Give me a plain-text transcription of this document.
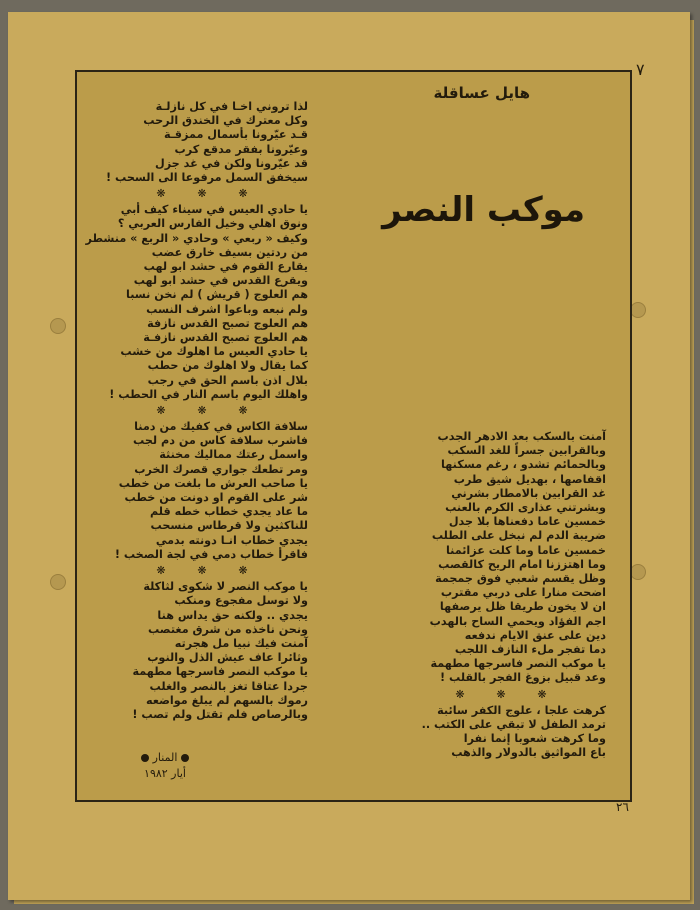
٧
هايل عساقلة
موكب النصر
لذا تروني اخـا في كل نازلـة
وكل معترك في الخندق الرحب
قـد عيّرونا بأسمال ممزقـة
وعيّرونا بفقر مدقع كرب
قد عيّرونا ولكن في غد جزل
سيخفق السمل مرفوعا الى السحب !
❋ ❋ ❋
يا حادي العيس في سيناء كيف أبي
ونوق اهلي وخيل الفارس العربي ؟
وكيف « ربعي » وحادي « الربع » منشطر
من ردتين بسيف خارق عضب
يقارع القوم في حشد ابو لهب
ويقرع القدس في حشد ابو لهب
هم العلوج ( قريش ) لم نخن نسبا
ولم نبعه وباعوا اشرف النسب
هم العلوج تصبح القدس نازفة
هم العلوج تصبح القدس نازفـة
يا حادي العيس ما اهلوك من خشب
كما يقال ولا اهلوك من حطب
بلال اذن باسم الحق في رجب
واهلك اليوم باسم النار في الحطب !
❋ ❋ ❋
سلافة الكاس في كفيك من دمنا
فاشرب سلافة كاس من دم لجب
واسمل رعتك مماليك مخنثة
ومر تطعك جواري قصرك الخرب
يا صاحب العرش ما بلغت من خطب
شر على القوم او دونت من خطب
ما عاد يجدي خطاب خطه قلم
للناكثين ولا قرطاس منسحب
يجدي خطاب انـا دونته بدمي
فاقرأ خطاب دمي في لجة الصخب !
❋ ❋ ❋
يا موكب النصر لا شكوى لثاكلة
ولا توسل مفجوع ومنكب
يجدي .. ولكنه حق يداس هنا
ونحن ناخذه من شرق مغتصب
آمنت فيك نبيا مل هجرته
وثائرا عاف عيش الذل والنوب
يا موكب النصر فاسرجها مطهمة
جردا عتاقا تغز بالنصر والغلب
رموك بالسهم لم يبلغ مواضعه
وبالرصاص فلم تقتل ولم تصب !
آمنت بالسكب بعد الادهر الجدب
وبالقرابين جسراً للغد السكب
وبالحمائم تشدو ، رغم مسكنها
اقفاصها ، بهديل شيق طرب
غد القرابين بالامطار بشرني
وبشرتني عذارى الكرم بالعنب
خمسين عاما دفعناها بلا جدل
ضريبة الدم لم نبخل على الطلب
خمسين عاما وما كلت عزائمنا
وما اهتززنا امام الريح كالقصب
وظل يقسم شعبي فوق جمجمة
اضحت منارا على دربي مقترب
ان لا يخون طريقا ظل يرصفها
اجم الفؤاد ويحمي الساح بالهدب
دين على عنق الايام ندفعه
دما تفجر ملء النازف اللجب
يا موكب النصر فاسرجها مطهمة
وعد قبيل بزوغ الفجر بالقلب !
❋ ❋ ❋
كرهت علجا ، علوج الكفر سائبة
ترمد الطفل لا تبقي على الكتب ..
وما كرهت شعوبا إنما نفرا
باع المواثيق بالدولار والذهب
المنار
أيار ١٩٨٢
٢٦
